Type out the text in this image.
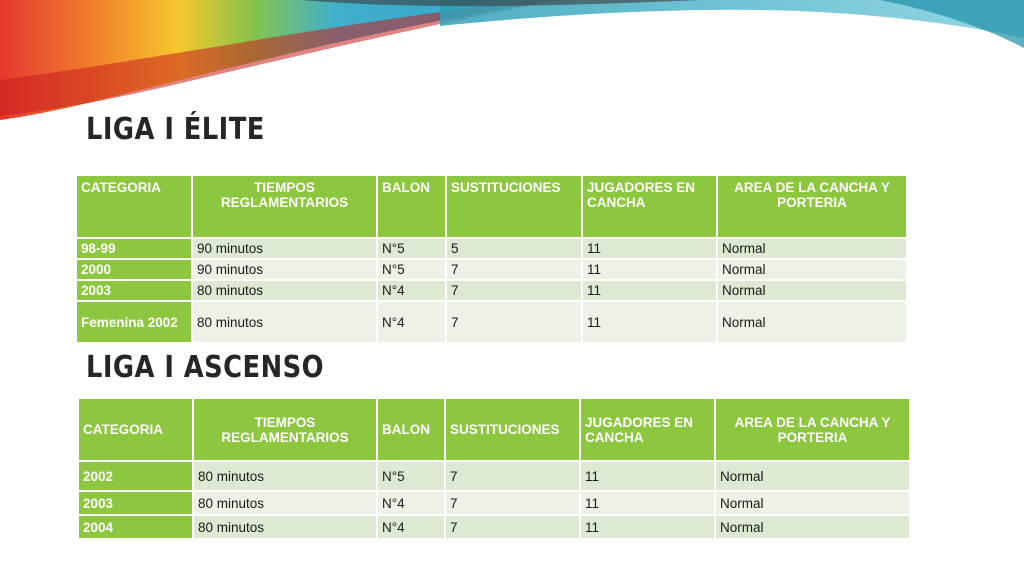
LIGA I ÉLITE
CATEGORIA	TIEMPOS REGLAMENTARIOS	BALON	SUSTITUCIONES	JUGADORES EN CANCHA	AREA DE LA CANCHA Y PORTERIA
98-99	90 minutos	N°5	5	11	Normal
2000	90 minutos	N°5	7	11	Normal
2003	80 minutos	N°4	7	11	Normal
Femenina 2002	80 minutos	N°4	7	11	Normal
LIGA I ASCENSO
CATEGORIA	TIEMPOS REGLAMENTARIOS	BALON	SUSTITUCIONES	JUGADORES EN CANCHA	AREA DE LA CANCHA Y PORTERIA
2002	80 minutos	N°5	7	11	Normal
2003	80 minutos	N°4	7	11	Normal
2004	80 minutos	N°4	7	11	Normal
